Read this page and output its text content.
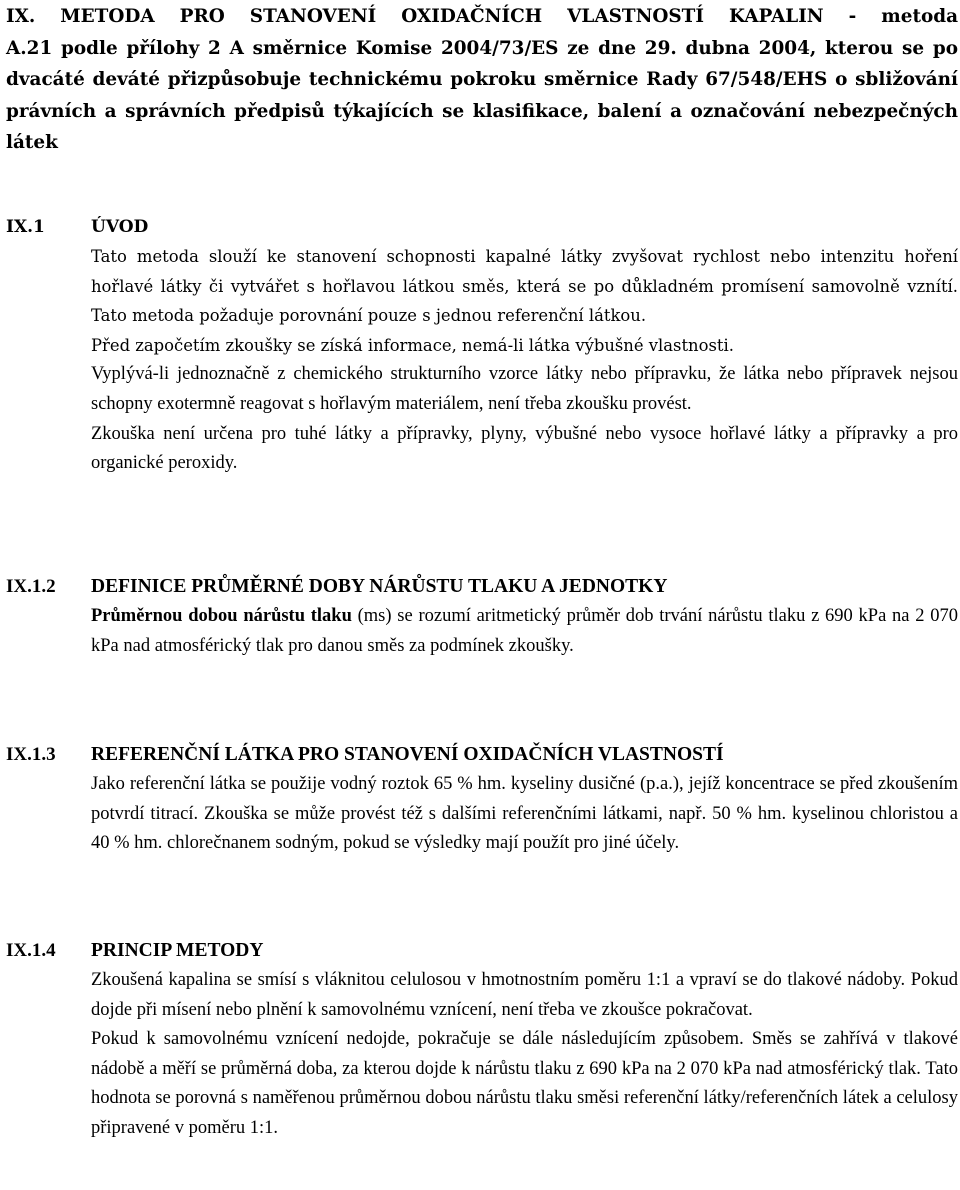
IX. METODA PRO STANOVENÍ OXIDAČNÍCH VLASTNOSTÍ KAPALIN - metoda
A.21 podle přílohy 2 A směrnice Komise 2004/73/ES ze dne 29. dubna 2004, kterou se po
dvacáté deváté přizpůsobuje technickému pokroku směrnice Rady 67/548/EHS o sbližování
právních a správních předpisů týkajících se klasifikace, balení a označování nebezpečných
látek
IX.1	ÚVOD

Tato metoda slouží ke stanovení schopnosti kapalné látky zvyšovat rychlost nebo intenzitu hoření hořlavé látky či vytvářet s hořlavou látkou směs, která se po důkladném promísení samovolně vznítí. Tato metoda požaduje porovnání pouze s jednou referenční látkou.

Před započetím zkoušky se získá informace, nemá-li látka výbušné vlastnosti.

Vyplývá-li jednoznačně z chemického strukturního vzorce látky nebo přípravku, že látka nebo přípravek nejsou schopny exotermně reagovat s hořlavým materiálem, není třeba zkoušku provést.

Zkouška není určena pro tuhé látky a přípravky, plyny, výbušné nebo vysoce hořlavé látky a přípravky a pro organické peroxidy.

IX.1.2 DEFINICE PRŮMĚRNÉ DOBY NÁRŮSTU TLAKU A JEDNOTKY

Průměrnou dobou nárůstu tlaku (ms) se rozumí aritmetický průměr dob trvání nárůstu tlaku z 690 kPa na 2 070 kPa nad atmosférický tlak pro danou směs za podmínek zkoušky.

IX.1.3 REFERENČNÍ LÁTKA PRO STANOVENÍ OXIDAČNÍCH VLASTNOSTÍ

Jako referenční látka se použije vodný roztok 65 % hm. kyseliny dusičné (p.a.), jejíž koncentrace se před zkoušením potvrdí titrací. Zkouška se může provést též s dalšími referenčními látkami, např. 50 % hm. kyselinou chloristou a 40 % hm. chlorečnanem sodným, pokud se výsledky mají použít pro jiné účely.

IX.1.4 PRINCIP METODY

Zkoušená kapalina se smísí s vláknitou celulosou v hmotnostním poměru 1:1 a vpraví se do tlakové nádoby. Pokud dojde při mísení nebo plnění k samovolnému vznícení, není třeba ve zkoušce pokračovat.

Pokud k samovolnému vznícení nedojde, pokračuje se dále následujícím způsobem. Směs se zahřívá v tlakové nádobě a měří se průměrná doba, za kterou dojde k nárůstu tlaku z 690 kPa na 2 070 kPa nad atmosférický tlak. Tato hodnota se porovná s naměřenou průměrnou dobou nárůstu tlaku směsi referenční látky/referenčních látek a celulosy připravené v poměru 1:1.
